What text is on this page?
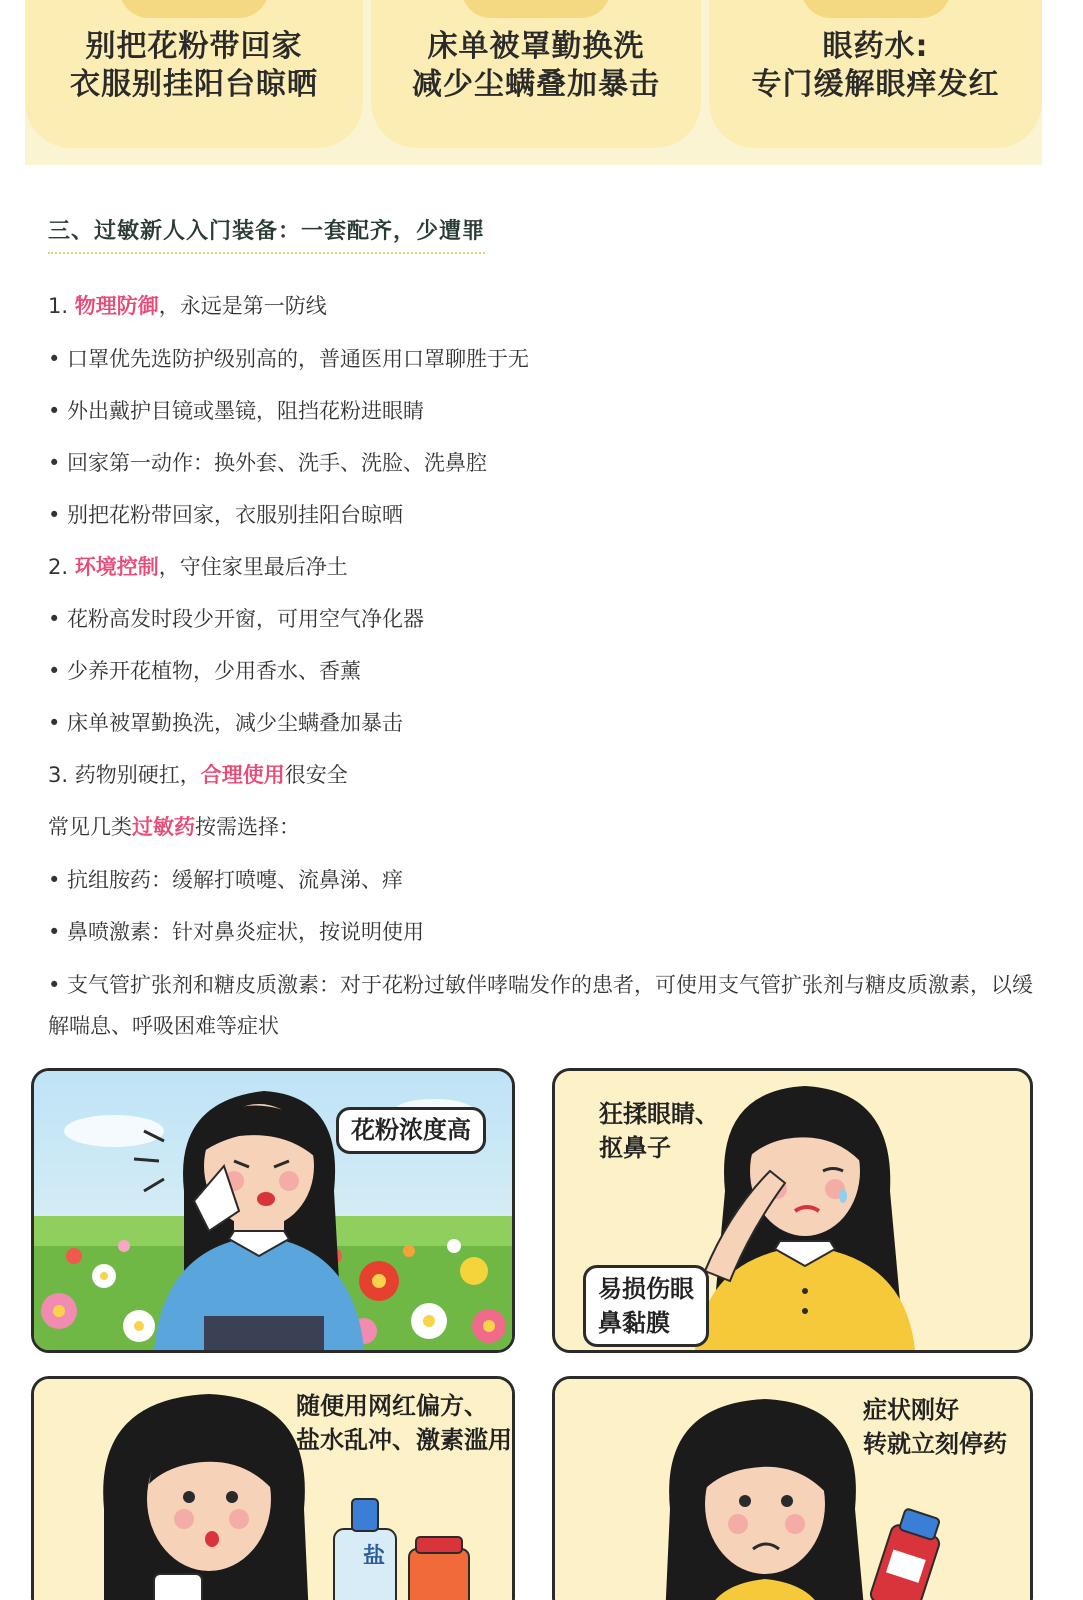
别把花粉带回家
衣服别挂阳台晾晒
床单被罩勤换洗
减少尘螨叠加暴击
眼药水:
专门缓解眼痒发红
三、过敏新人入门装备：一套配齐，少遭罪
1. 物理防御，永远是第一防线
• 口罩优先选防护级别高的，普通医用口罩聊胜于无
• 外出戴护目镜或墨镜，阻挡花粉进眼睛
• 回家第一动作：换外套、洗手、洗脸、洗鼻腔
• 别把花粉带回家，衣服别挂阳台晾晒
2. 环境控制，守住家里最后净土
• 花粉高发时段少开窗，可用空气净化器
• 少养开花植物，少用香水、香薰
• 床单被罩勤换洗，减少尘螨叠加暴击
3. 药物别硬扛，合理使用很安全
常见几类过敏药按需选择：
• 抗组胺药：缓解打喷嚏、流鼻涕、痒
• 鼻喷激素：针对鼻炎症状，按说明使用
• 支气管扩张剂和糖皮质激素：对于花粉过敏伴哮喘发作的患者，可使用支气管扩张剂与糖皮质激素，以缓解喘息、呼吸困难等症状
花粉浓度高
狂揉眼睛、
抠鼻子
易损伤眼
鼻黏膜
随便用网红偏方、
盐水乱冲、激素滥用
盐
症状刚好
转就立刻停药
